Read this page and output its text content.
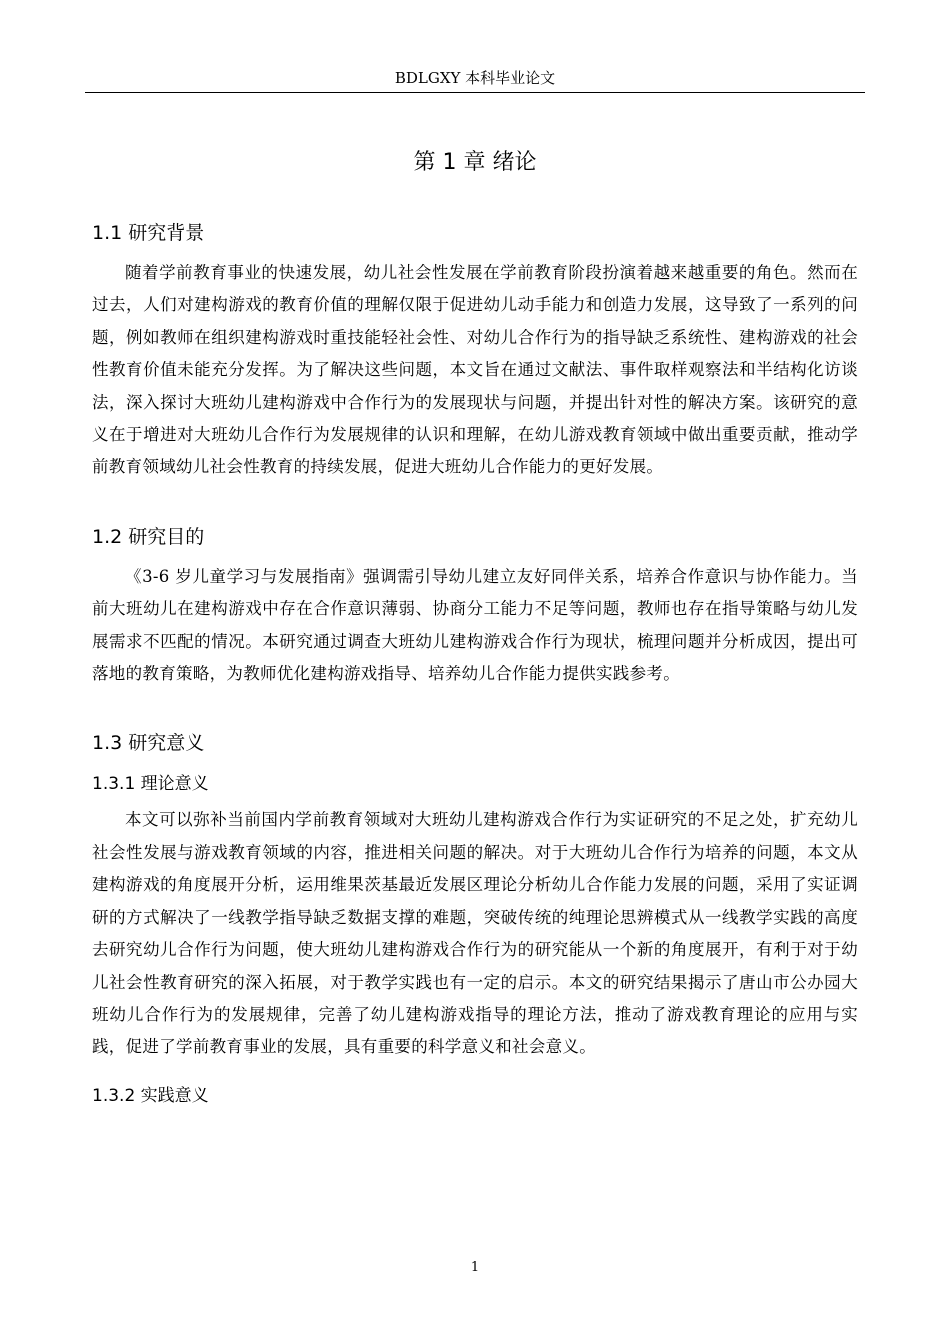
BDLGXY 本科毕业论文
第 1 章 绪论
1.1 研究背景

随着学前教育事业的快速发展，幼儿社会性发展在学前教育阶段扮演着越来越重要的角色。然而在过去，人们对建构游戏的教育价值的理解仅限于促进幼儿动手能力和创造力发展，这导致了一系列的问题，例如教师在组织建构游戏时重技能轻社会性、对幼儿合作行为的指导缺乏系统性、建构游戏的社会性教育价值未能充分发挥。为了解决这些问题，本文旨在通过文献法、事件取样观察法和半结构化访谈法，深入探讨大班幼儿建构游戏中合作行为的发展现状与问题，并提出针对性的解决方案。该研究的意义在于增进对大班幼儿合作行为发展规律的认识和理解，在幼儿游戏教育领域中做出重要贡献，推动学前教育领域幼儿社会性教育的持续发展，促进大班幼儿合作能力的更好发展。

1.2 研究目的

《3-6 岁儿童学习与发展指南》强调需引导幼儿建立友好同伴关系，培养合作意识与协作能力。当前大班幼儿在建构游戏中存在合作意识薄弱、协商分工能力不足等问题，教师也存在指导策略与幼儿发展需求不匹配的情况。本研究通过调查大班幼儿建构游戏合作行为现状，梳理问题并分析成因，提出可落地的教育策略，为教师优化建构游戏指导、培养幼儿合作能力提供实践参考。

1.3 研究意义
1.3.1 理论意义

本文可以弥补当前国内学前教育领域对大班幼儿建构游戏合作行为实证研究的不足之处，扩充幼儿社会性发展与游戏教育领域的内容，推进相关问题的解决。对于大班幼儿合作行为培养的问题，本文从建构游戏的角度展开分析，运用维果茨基最近发展区理论分析幼儿合作能力发展的问题，采用了实证调研的方式解决了一线教学指导缺乏数据支撑的难题，突破传统的纯理论思辨模式从一线教学实践的高度去研究幼儿合作行为问题，使大班幼儿建构游戏合作行为的研究能从一个新的角度展开，有利于对于幼儿社会性教育研究的深入拓展，对于教学实践也有一定的启示。本文的研究结果揭示了唐山市公办园大班幼儿合作行为的发展规律，完善了幼儿建构游戏指导的理论方法，推动了游戏教育理论的应用与实践，促进了学前教育事业的发展，具有重要的科学意义和社会意义。

1.3.2 实践意义
1
